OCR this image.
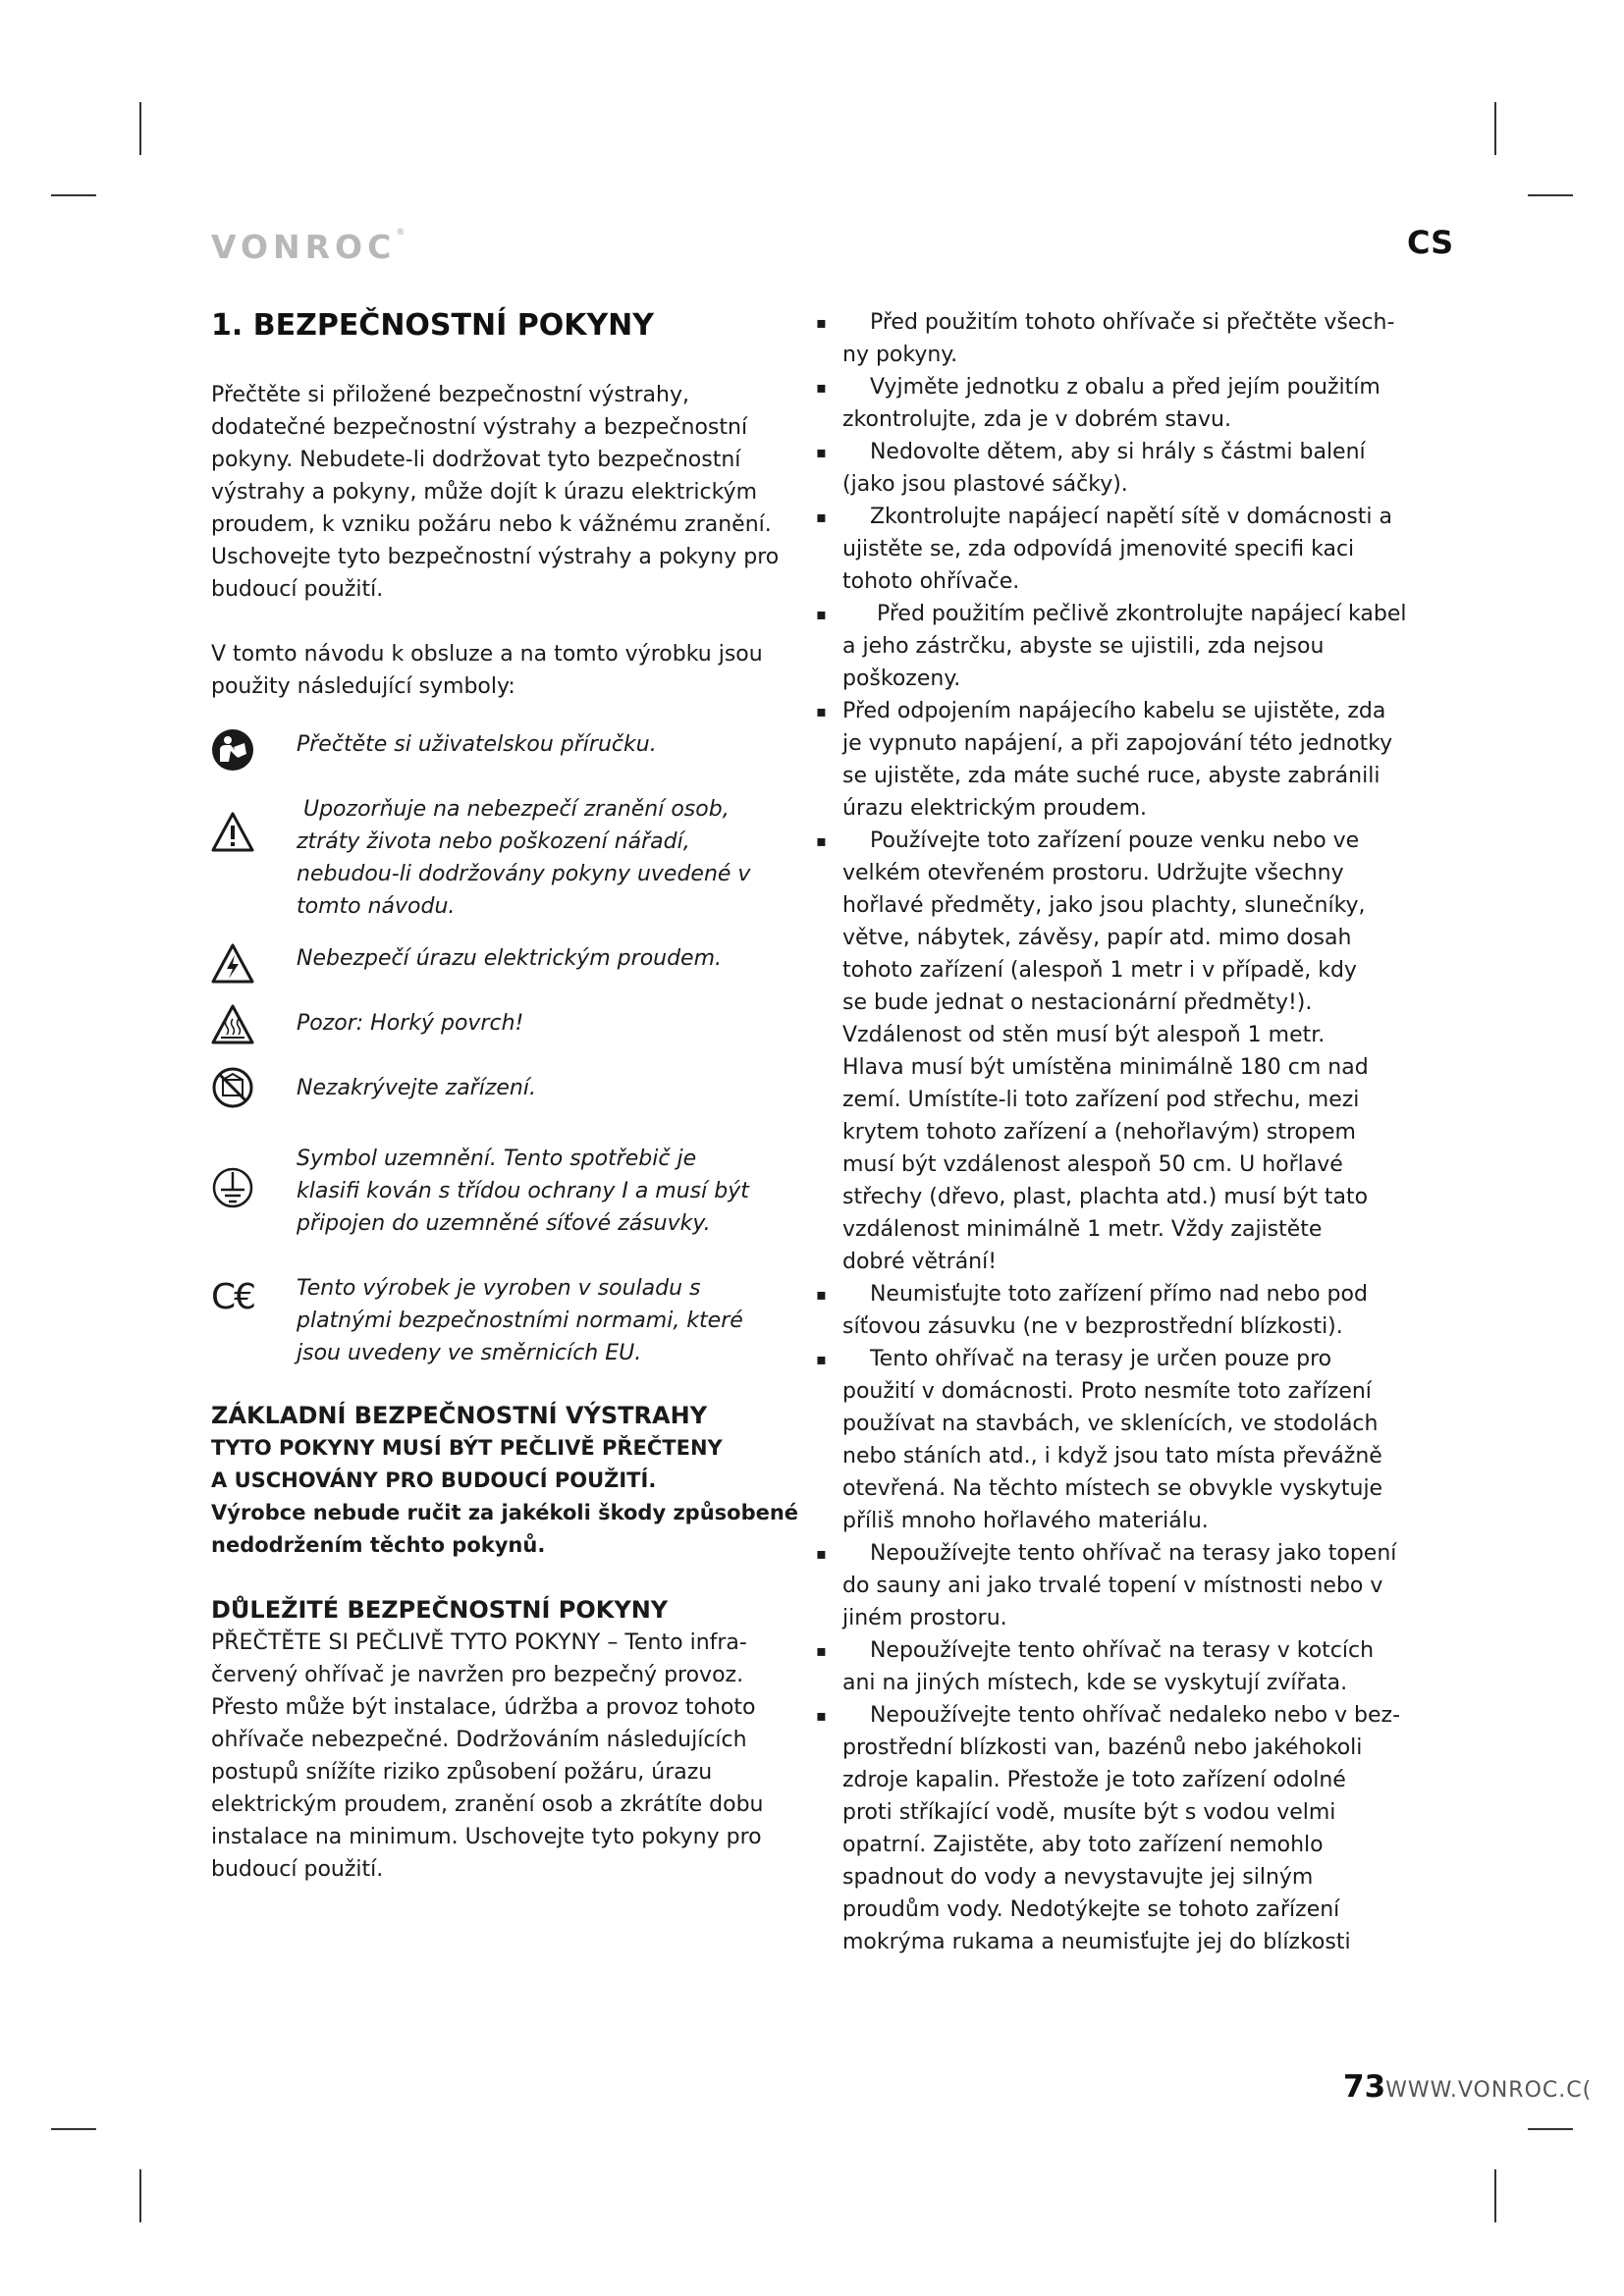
VONROC®	CS
1. BEZPEČNOSTNÍ POKYNY
Přečtěte si přiložené bezpečnostní výstrahy,
dodatečné bezpečnostní výstrahy a bezpečnostní
pokyny. Nebudete-li dodržovat tyto bezpečnostní
výstrahy a pokyny, může dojít k úrazu elektrickým
proudem, k vzniku požáru nebo k vážnému zranění.
Uschovejte tyto bezpečnostní výstrahy a pokyny pro
budoucí použití.
V tomto návodu k obsluze a na tomto výrobku jsou
použity následující symboly:
Přečtěte si uživatelskou příručku.
Upozorňuje na nebezpečí zranění osob,
ztráty života nebo poškození nářadí,
nebudou-li dodržovány pokyny uvedené v
tomto návodu.
Nebezpečí úrazu elektrickým proudem.
Pozor: Horký povrch!
Nezakrývejte zařízení.
Symbol uzemnění. Tento spotřebič je
klasifi kován s třídou ochrany I a musí být
připojen do uzemněné síťové zásuvky.
C€ Tento výrobek je vyroben v souladu s
platnými bezpečnostními normami, které
jsou uvedeny ve směrnicích EU.
ZÁKLADNÍ BEZPEČNOSTNÍ VÝSTRAHY
TYTO POKYNY MUSÍ BÝT PEČLIVĚ PŘEČTENY
A USCHOVÁNY PRO BUDOUCÍ POUŽITÍ.
Výrobce nebude ručit za jakékoli škody způsobené
nedodržením těchto pokynů.
DŮLEŽITÉ BEZPEČNOSTNÍ POKYNY
PŘEČTĚTE SI PEČLIVĚ TYTO POKYNY – Tento infra-
červený ohřívač je navržen pro bezpečný provoz.
Přesto může být instalace, údržba a provoz tohoto
ohřívače nebezpečné. Dodržováním následujících
postupů snížíte riziko způsobení požáru, úrazu
elektrickým proudem, zranění osob a zkrátíte dobu
instalace na minimum. Uschovejte tyto pokyny pro
budoucí použití.
▪ Před použitím tohoto ohřívače si přečtěte všech-
ny pokyny.
▪ Vyjměte jednotku z obalu a před jejím použitím
zkontrolujte, zda je v dobrém stavu.
▪ Nedovolte dětem, aby si hrály s částmi balení
(jako jsou plastové sáčky).
▪ Zkontrolujte napájecí napětí sítě v domácnosti a
ujistěte se, zda odpovídá jmenovité specifi kaci
tohoto ohřívače.
▪ Před použitím pečlivě zkontrolujte napájecí kabel
a jeho zástrčku, abyste se ujistili, zda nejsou
poškozeny.
▪ Před odpojením napájecího kabelu se ujistěte, zda
je vypnuto napájení, a při zapojování této jednotky
se ujistěte, zda máte suché ruce, abyste zabránili
úrazu elektrickým proudem.
▪ Používejte toto zařízení pouze venku nebo ve
velkém otevřeném prostoru. Udržujte všechny
hořlavé předměty, jako jsou plachty, slunečníky,
větve, nábytek, závěsy, papír atd. mimo dosah
tohoto zařízení (alespoň 1 metr i v případě, kdy
se bude jednat o nestacionární předměty!).
Vzdálenost od stěn musí být alespoň 1 metr.
Hlava musí být umístěna minimálně 180 cm nad
zemí. Umístíte-li toto zařízení pod střechu, mezi
krytem tohoto zařízení a (nehořlavým) stropem
musí být vzdálenost alespoň 50 cm. U hořlavé
střechy (dřevo, plast, plachta atd.) musí být tato
vzdálenost minimálně 1 metr. Vždy zajistěte
dobré větrání!
▪ Neumisťujte toto zařízení přímo nad nebo pod
síťovou zásuvku (ne v bezprostřední blízkosti).
▪ Tento ohřívač na terasy je určen pouze pro
použití v domácnosti. Proto nesmíte toto zařízení
používat na stavbách, ve sklenících, ve stodolách
nebo stáních atd., i když jsou tato místa převážně
otevřená. Na těchto místech se obvykle vyskytuje
příliš mnoho hořlavého materiálu.
▪ Nepoužívejte tento ohřívač na terasy jako topení
do sauny ani jako trvalé topení v místnosti nebo v
jiném prostoru.
▪ Nepoužívejte tento ohřívač na terasy v kotcích
ani na jiných místech, kde se vyskytují zvířata.
▪ Nepoužívejte tento ohřívač nedaleko nebo v bez-
prostřední blízkosti van, bazénů nebo jakéhokoli
zdroje kapalin. Přestože je toto zařízení odolné
proti stříkající vodě, musíte být s vodou velmi
opatrní. Zajistěte, aby toto zařízení nemohlo
spadnout do vody a nevystavujte jej silným
proudům vody. Nedotýkejte se tohoto zařízení
mokrýma rukama a neumisťujte jej do blízkosti
73WWW.VONROC.C(
